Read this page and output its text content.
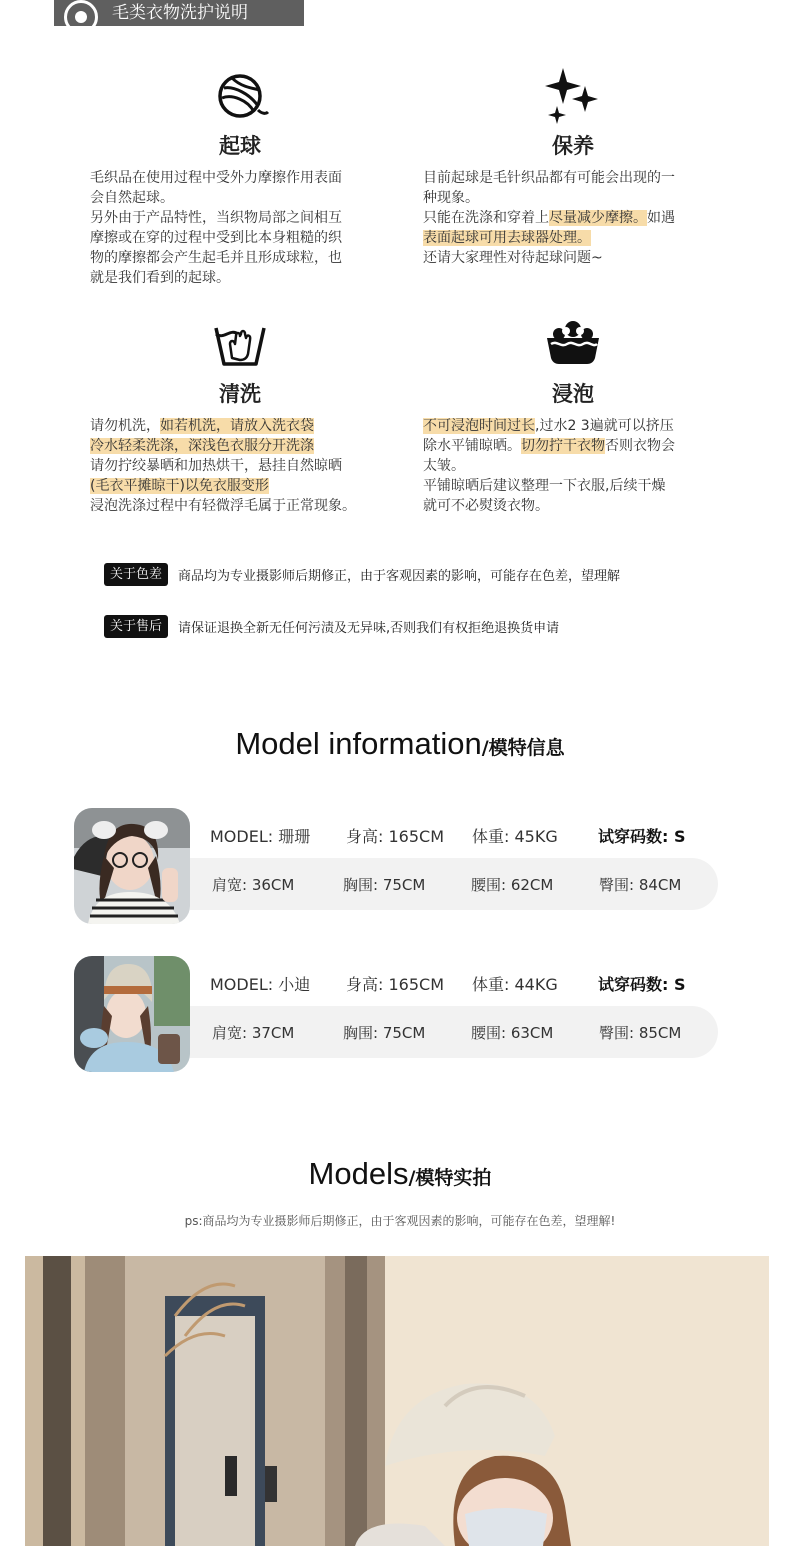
毛类衣物洗护说明
起球
毛织品在使用过程中受外力摩擦作用表面
会自然起球。
另外由于产品特性，当织物局部之间相互
摩擦或在穿的过程中受到比本身粗糙的织
物的摩擦都会产生起毛并且形成球粒，也
就是我们看到的起球。
保养
目前起球是毛针织品都有可能会出现的一
种现象。
只能在洗涤和穿着上尽量减少摩擦。如遇
表面起球可用去球器处理。
还请大家理性对待起球问题~
清洗
请勿机洗，如若机洗，请放入洗衣袋
冷水轻柔洗涤，深浅色衣服分开洗涤
请勿拧绞暴晒和加热烘干，悬挂自然晾晒
(毛衣平摊晾干)以免衣服变形
浸泡洗涤过程中有轻微浮毛属于正常现象。
浸泡
不可浸泡时间过长,过水2 3遍就可以挤压
除水平铺晾晒。切勿拧干衣物否则衣物会
太皱。
平铺晾晒后建议整理一下衣服,后续干燥
就可不必熨烫衣物。
关于色差	商品均为专业摄影师后期修正，由于客观因素的影响，可能存在色差，望理解
关于售后	请保证退换全新无任何污渍及无异味,否则我们有权拒绝退换货申请
Model information/模特信息
MODEL: 珊珊	身高: 165CM	体重: 45KG	试穿码数: S
肩宽: 36CM	胸围: 75CM	腰围: 62CM	臀围: 84CM
MODEL: 小迪	身高: 165CM	体重: 44KG	试穿码数: S
肩宽: 37CM	胸围: 75CM	腰围: 63CM	臀围: 85CM
Models/模特实拍
ps:商品均为专业摄影师后期修正，由于客观因素的影响，可能存在色差，望理解!
